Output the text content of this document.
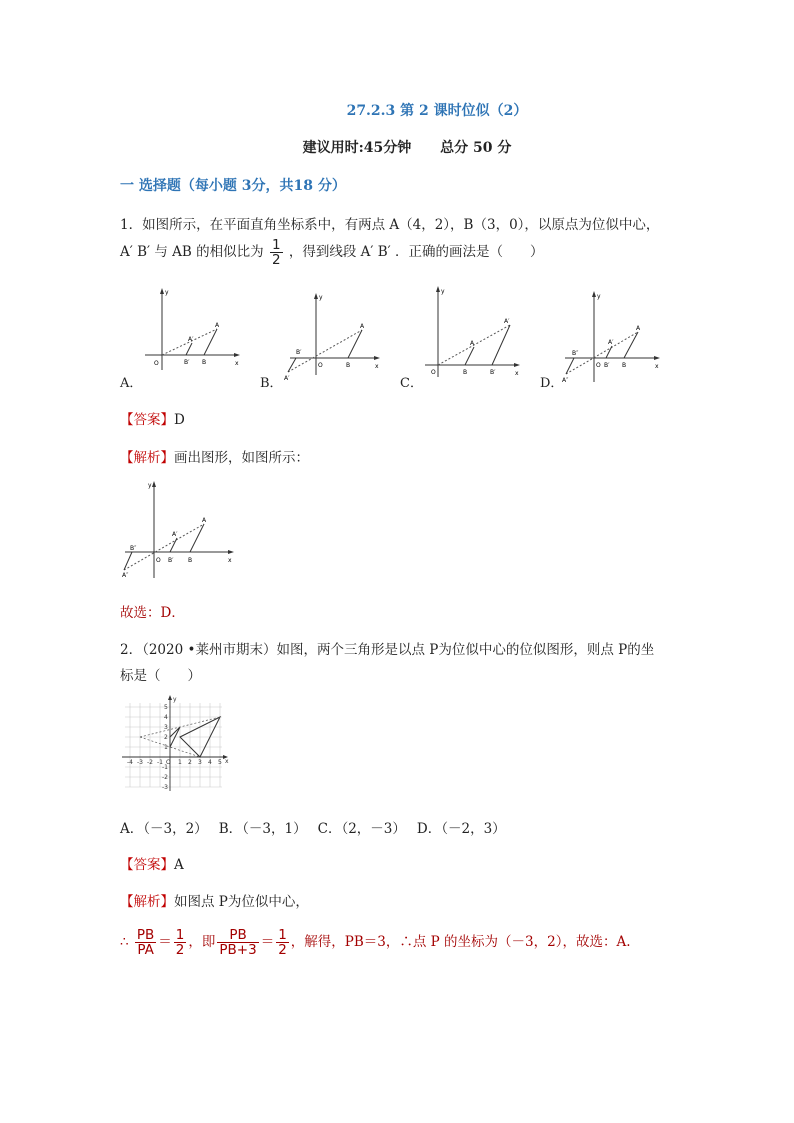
27.2.3 第 2 课时位似（2）
建议用时:45分钟 总分 50 分
一 选择题（每小题 3分，共18 分）
1．如图所示，在平面直角坐标系中，有两点 A（4，2），B（3，0），以原点为位似中心，
A′ B′ 与 AB 的相似比为 $\frac{1}{2}$ ，得到线段 A′ B′ ．正确的画法是（　　）
y
x
O
A
A′
B′ B
A．
y
x
O
A
B
B′
A′
B．
y
x
O
A′
A
B	B′
C．
y
x
O
A
A′
B′ B
B″
A″
D．
【答案】D
【解析】画出图形，如图所示：
y
x
O
A
A′
B′ B
B″
A″
故选：D．
2．（2020 •莱州市期末）如图，两个三角形是以点 P为位似中心的位似图形，则点 P的坐
标是（　　）
-4 -3 -2 -1 O 1 2 3 4 5 x
y
5
4
3
2
1
-1
-2
-3
A．（－3，2）　 B．（－3，1）　 C．（2，－3）　 D．（－2，3）
【答案】A
【解析】如图点 P为位似中心，
∴ $\frac{PB}{PA} = \frac{1}{2}$ ，即 $\frac{PB}{PB+3} = \frac{1}{2}$ ，解得，PB＝3，∴点 P 的坐标为（－3，2），故选：A.
